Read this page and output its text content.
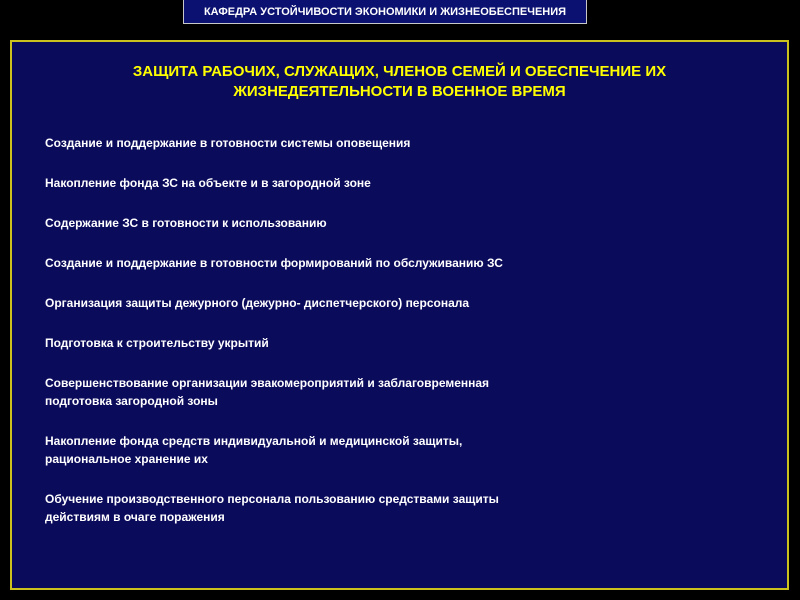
КАФЕДРА УСТОЙЧИВОСТИ ЭКОНОМИКИ И ЖИЗНЕОБЕСПЕЧЕНИЯ
ЗАЩИТА РАБОЧИХ, СЛУЖАЩИХ, ЧЛЕНОВ СЕМЕЙ И ОБЕСПЕЧЕНИЕ ИХ
ЖИЗНЕДЕЯТЕЛЬНОСТИ В ВОЕННОЕ ВРЕМЯ
Создание и поддержание в готовности системы оповещения
Накопление фонда ЗС на объекте и в загородной зоне
Содержание ЗС в готовности к использованию
Создание и поддержание в готовности формирований по обслуживанию ЗС
Организация защиты дежурного (дежурно- диспетчерского) персонала
Подготовка к строительству укрытий
Совершенствование организации эвакомероприятий и заблаговременная
подготовка загородной зоны
Накопление фонда средств индивидуальной и медицинской защиты,
рациональное хранение их
Обучение производственного персонала пользованию средствами защиты
действиям в очаге поражения
